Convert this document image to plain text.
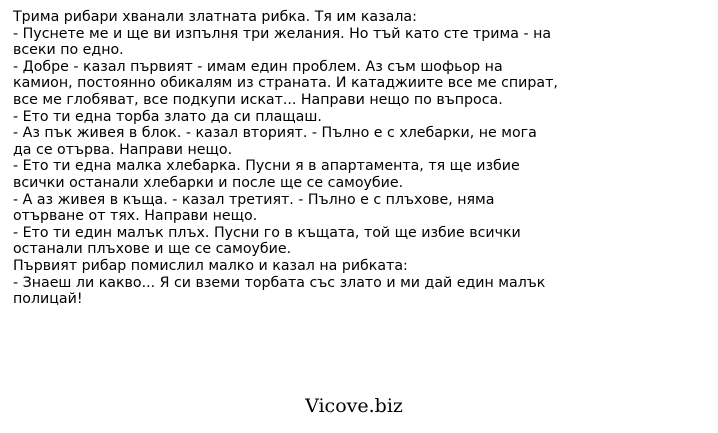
Трима рибари хванали златната рибка. Тя им казала:
- Пуснете ме и ще ви изпълня три желания. Но тъй като сте трима - на
всеки по едно.
- Добре - казал първият - имам един проблем. Аз съм шофьор на
камион, постоянно обикалям из страната. И катаджиите все ме спират,
все ме глобяват, все подкупи искат... Направи нещо по въпроса.
- Ето ти една торба злато да си плащаш.
- Аз пък живея в блок. - казал вторият. - Пълно е с хлебарки, не мога
да се отърва. Направи нещо.
- Ето ти една малка хлебарка. Пусни я в апартамента, тя ще избие
всички останали хлебарки и после ще се самоубие.
- А аз живея в къща. - казал третият. - Пълно е с плъхове, няма
отърване от тях. Направи нещо.
- Ето ти един малък плъх. Пусни го в къщата, той ще избие всички
останали плъхове и ще се самоубие.
Първият рибар помислил малко и казал на рибката:
- Знаеш ли какво... Я си вземи торбата със злато и ми дай един малък
полицай!
Vicove.biz
